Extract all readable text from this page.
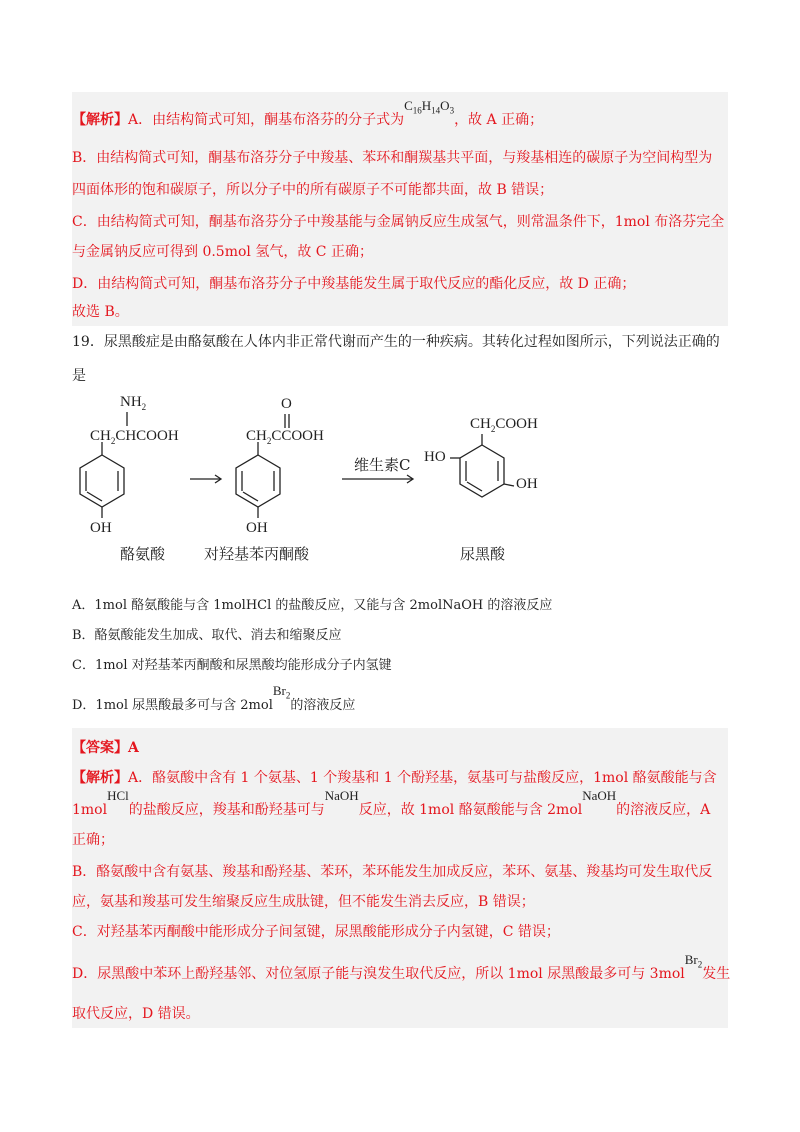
【解析】A．由结构简式可知，酮基布洛芬的分子式为$C_{16}H_{14}O_3$，故 A 正确；
B．由结构简式可知，酮基布洛芬分子中羧基、苯环和酮羰基共平面，与羧基相连的碳原子为空间构型为
四面体形的饱和碳原子，所以分子中的所有碳原子不可能都共面，故 B 错误；
C．由结构简式可知，酮基布洛芬分子中羧基能与金属钠反应生成氢气，则常温条件下，1mol 布洛芬完全
与金属钠反应可得到 0.5mol 氢气，故 C 正确；
D．由结构简式可知，酮基布洛芬分子中羧基能发生属于取代反应的酯化反应，故 D 正确；
故选 B。
19．尿黑酸症是由酪氨酸在人体内非正常代谢而产生的一种疾病。其转化过程如图所示，下列说法正确的
是
$NH_2$
$CH_2CHCOOH$
OH
酪氨酸
O
$CH_2CCOOH$
OH
对羟基苯丙酮酸
维生素C
$CH_2COOH$
HO
OH
尿黑酸
A．1mol 酪氨酸能与含 1molHCl 的盐酸反应，又能与含 2molNaOH 的溶液反应
B．酪氨酸能发生加成、取代、消去和缩聚反应
C．1mol 对羟基苯丙酮酸和尿黑酸均能形成分子内氢键
D．1mol 尿黑酸最多可与含 2molBr$_2$的溶液反应
【答案】A
【解析】A．酪氨酸中含有 1 个氨基、1 个羧基和 1 个酚羟基，氨基可与盐酸反应，1mol 酪氨酸能与含
1molHCl的盐酸反应，羧基和酚羟基可与NaOH反应，故 1mol 酪氨酸能与含 2molNaOH的溶液反应，A
正确；
B．酪氨酸中含有氨基、羧基和酚羟基、苯环，苯环能发生加成反应，苯环、氨基、羧基均可发生取代反
应，氨基和羧基可发生缩聚反应生成肽键，但不能发生消去反应，B 错误；
C．对羟基苯丙酮酸中能形成分子间氢键，尿黑酸能形成分子内氢键，C 错误；
D．尿黑酸中苯环上酚羟基邻、对位氢原子能与溴发生取代反应，所以 1mol 尿黑酸最多可与 3molBr$_2$发生
取代反应，D 错误。
